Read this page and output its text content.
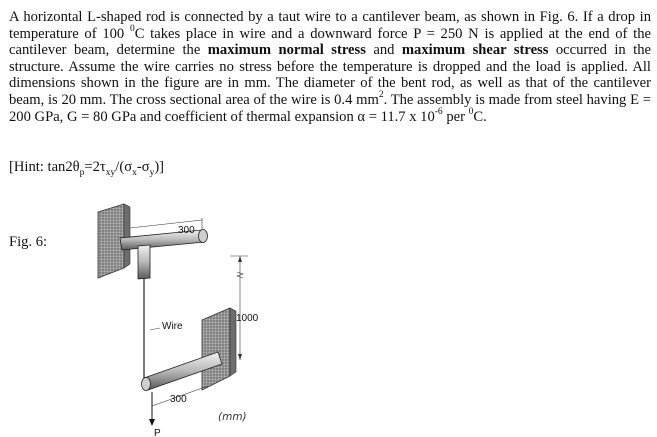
A horizontal L-shaped rod is connected by a taut wire to a cantilever beam, as shown in Fig. 6. If a drop in temperature of 100 $^0$C takes place in wire and a downward force P = 250 N is applied at the end of the cantilever beam, determine the maximum normal stress and maximum shear stress occurred in the structure. Assume the wire carries no stress before the temperature is dropped and the load is applied. All dimensions shown in the figure are in mm. The diameter of the bent rod, as well as that of the cantilever beam, is 20 mm. The cross sectional area of the wire is 0.4 $mm^2$. The assembly is made from steel having E = 200 GPa, G = 80 GPa and coefficient of thermal expansion α = 11.7 x $10^{-6}$ per $^0$C.
[Hint: $\tan 2\theta_p=2\tau_{xy}/(\sigma_x-\sigma_y)$]
Fig. 6:
300
1000
Wire
300
P
(mm)
